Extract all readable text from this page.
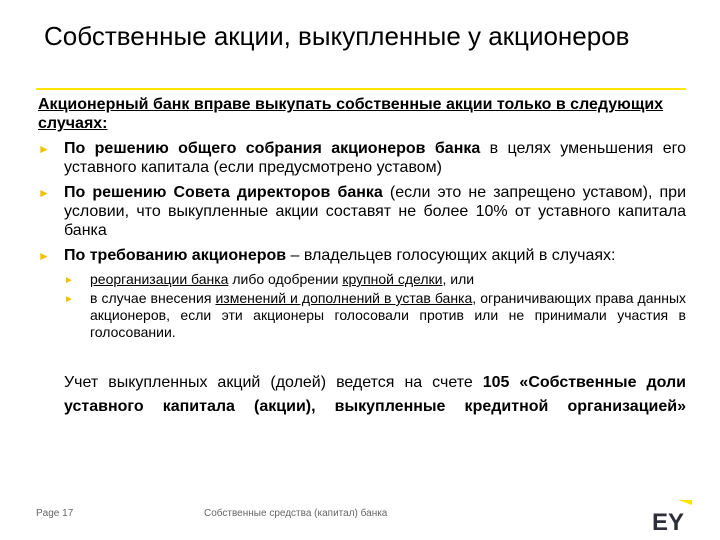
Собственные акции, выкупленные у акционеров
Акционерный банк вправе выкупать собственные акции только в следующих случаях:
► По решению общего собрания акционеров банка в целях уменьшения его уставного капитала (если предусмотрено уставом)
► По решению Совета директоров банка (если это не запрещено уставом), при условии, что выкупленные акции составят не более 10% от уставного капитала банка
► По требованию акционеров – владельцев голосующих акций в случаях:
► реорганизации банка либо одобрении крупной сделки, или
► в случае внесения изменений и дополнений в устав банка, ограничивающих права данных акционеров, если эти акционеры голосовали против или не принимали участия в голосовании.
Учет выкупленных акций (долей) ведется на счете 105 «Собственные доли уставного капитала (акции), выкупленные кредитной организацией»
Page 17	Собственные средства (капитал) банка	EY
